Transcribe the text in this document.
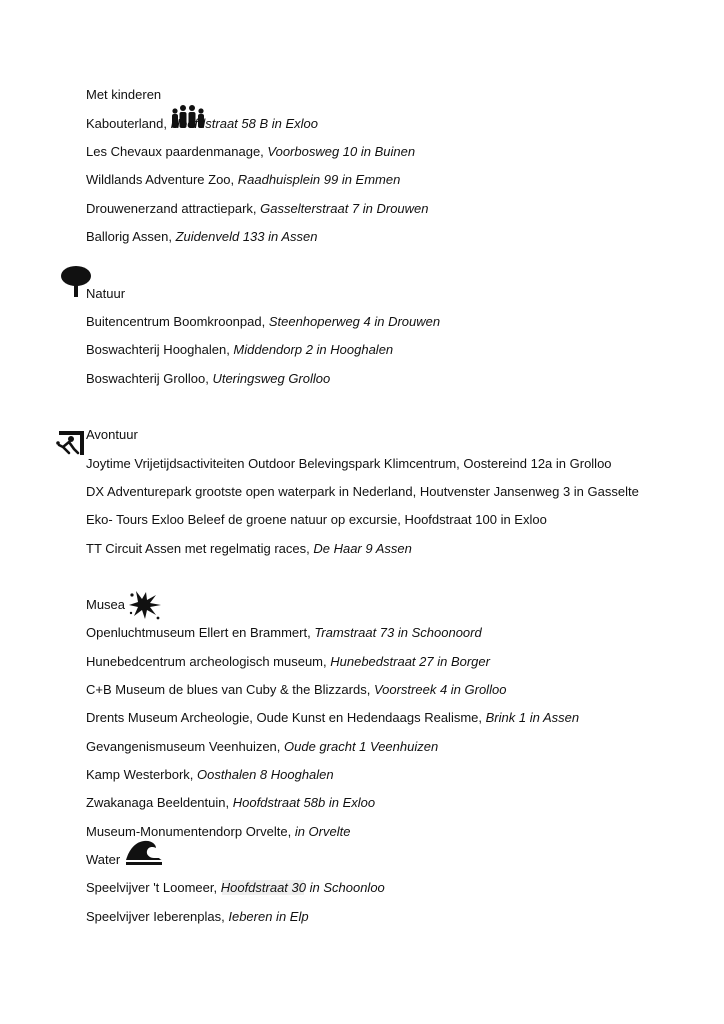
Met kinderen
Kabouterland, Hoofdstraat 58 B in Exloo
Les Chevaux paardenmanage, Voorbosweg 10 in Buinen
Wildlands Adventure Zoo, Raadhuisplein 99 in Emmen
Drouwenerzand attractiepark, Gasselterstraat 7 in Drouwen
Ballorig Assen, Zuidenveld 133 in Assen
Natuur
Buitencentrum Boomkroonpad, Steenhoperweg 4 in Drouwen
Boswachterij Hooghalen, Middendorp 2 in Hooghalen
Boswachterij Grolloo, Uteringsweg Grolloo
Avontuur
Joytime Vrijetijdsactiviteiten Outdoor Belevingspark Klimcentrum, Oostereind 12a in Grolloo
DX Adventurepark grootste open waterpark in Nederland, Houtvenster Jansenweg 3 in Gasselte
Eko- Tours Exloo Beleef de groene natuur op excursie, Hoofdstraat 100 in Exloo
TT Circuit Assen met regelmatig races, De Haar 9 Assen
Musea
Openluchtmuseum Ellert en Brammert, Tramstraat 73 in Schoonoord
Hunebedcentrum archeologisch museum, Hunebedstraat 27 in Borger
C+B Museum de blues van Cuby & the Blizzards, Voorstreek 4 in Grolloo
Drents Museum Archeologie, Oude Kunst en Hedendaags Realisme, Brink 1 in Assen
Gevangenismuseum Veenhuizen, Oude gracht 1 Veenhuizen
Kamp Westerbork, Oosthalen 8 Hooghalen
Zwakanaga Beeldentuin, Hoofdstraat 58b in Exloo
Museum-Monumentendorp Orvelte, in Orvelte
Water
Speelvijver 't Loomeer, Hoofdstraat 30 in Schoonloo
Speelvijver Ieberenplas, Ieberen in Elp
